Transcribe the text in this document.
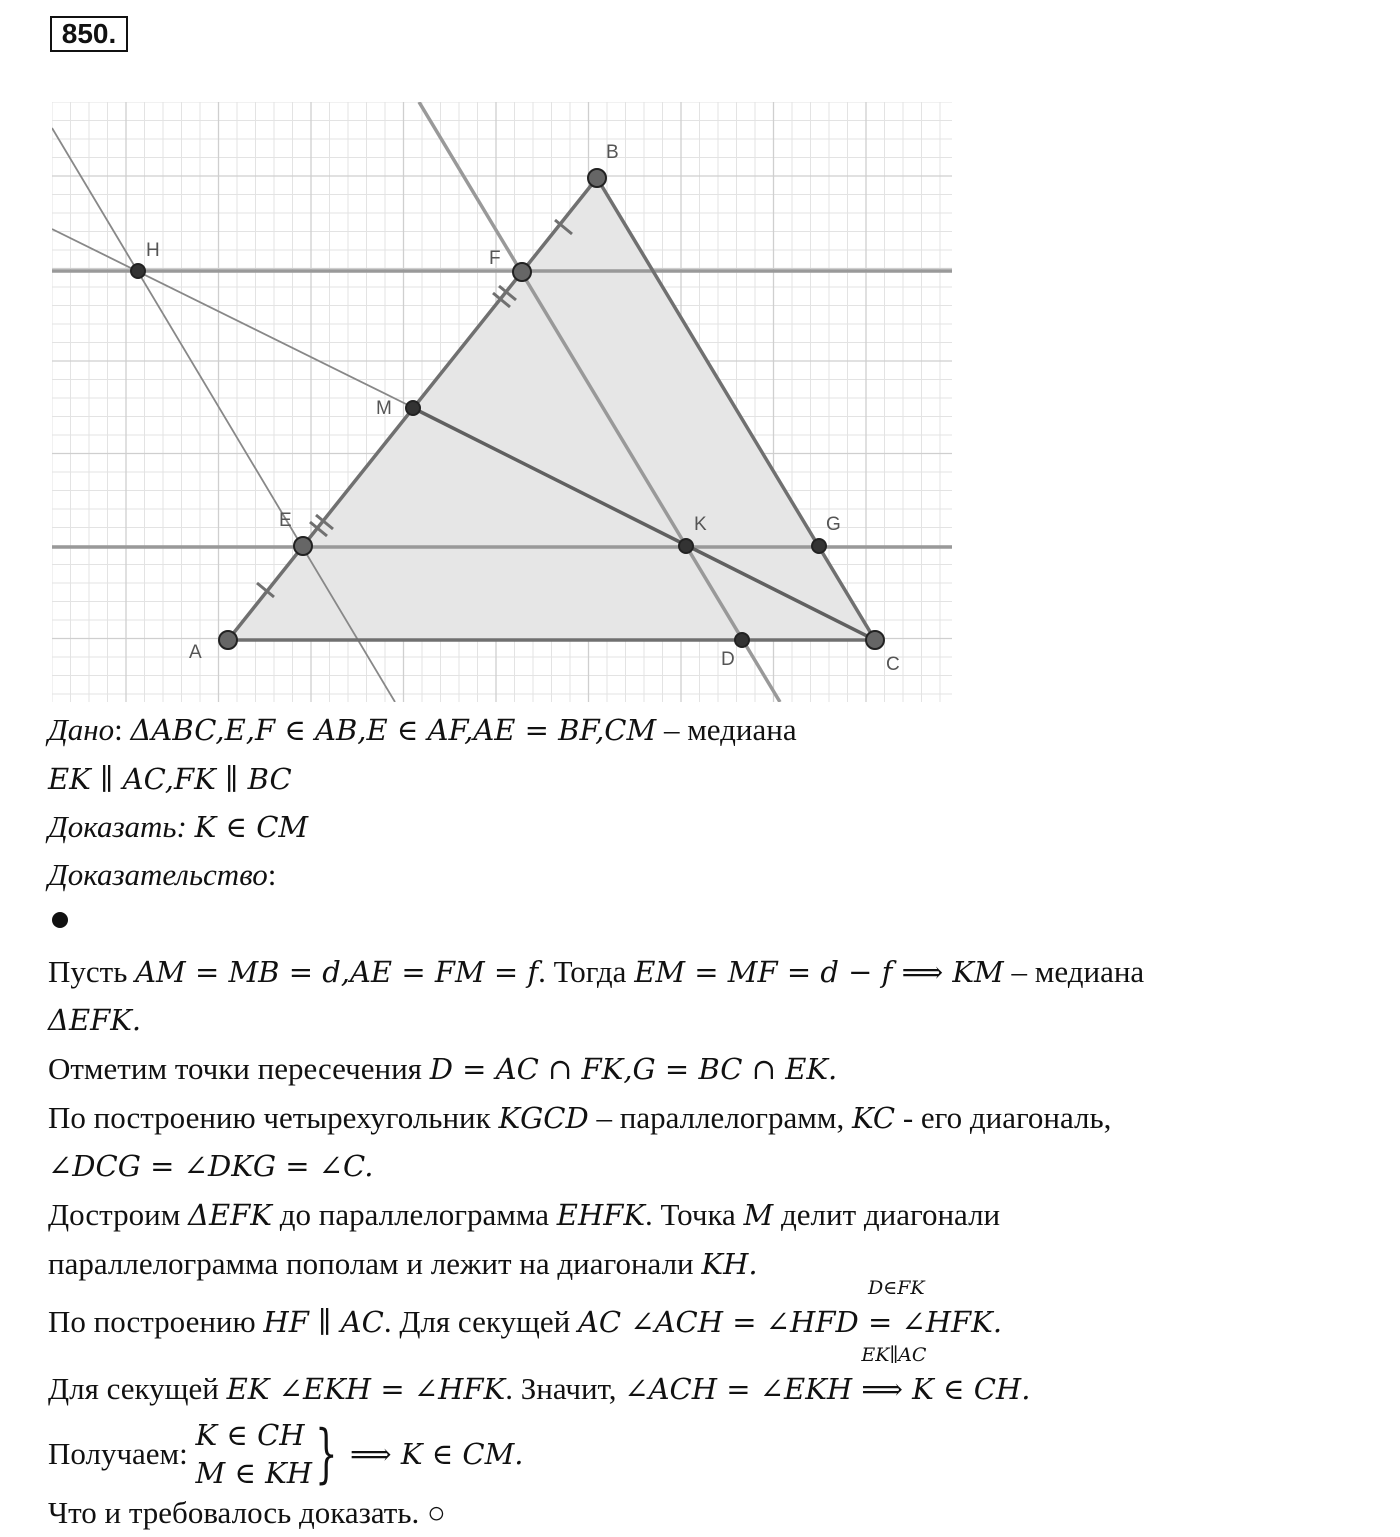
850.
A
B
C
D
E
F
G
H
K
M
Дано: ΔABC,E,F ∈ AB,E ∈ AF,AE = BF,CM – медиана
EK ∥ AC,FK ∥ BC
Доказать: K ∈ CM
Доказательство:
Пусть AM = MB = d,AE = FM = f. Тогда EM = MF = d − f ⟹ KM – медиана
ΔEFK.
Отметим точки пересечения D = AC ∩ FK,G = BC ∩ EK.
По построению четырехугольник KGCD – параллелограмм, KC - его диагональ,
∠DCG = ∠DKG = ∠C.
Достроим ΔEFK до параллелограмма EHFK. Точка M делит диагонали
параллелограмма пополам и лежит на диагонали KH.
По построению HF ∥ AC. Для секущей AC ∠ACH = ∠HFD
D∈FK
= ∠HFK.
Для секущей EK ∠EKH = ∠HFK. Значит, ∠ACH = ∠EKH
EK∥AC
⟹ K ∈ CH.
Получаем:
K ∈ CH
M ∈ KH } ⟹ K ∈ CM.
Что и требовалось доказать. ○
